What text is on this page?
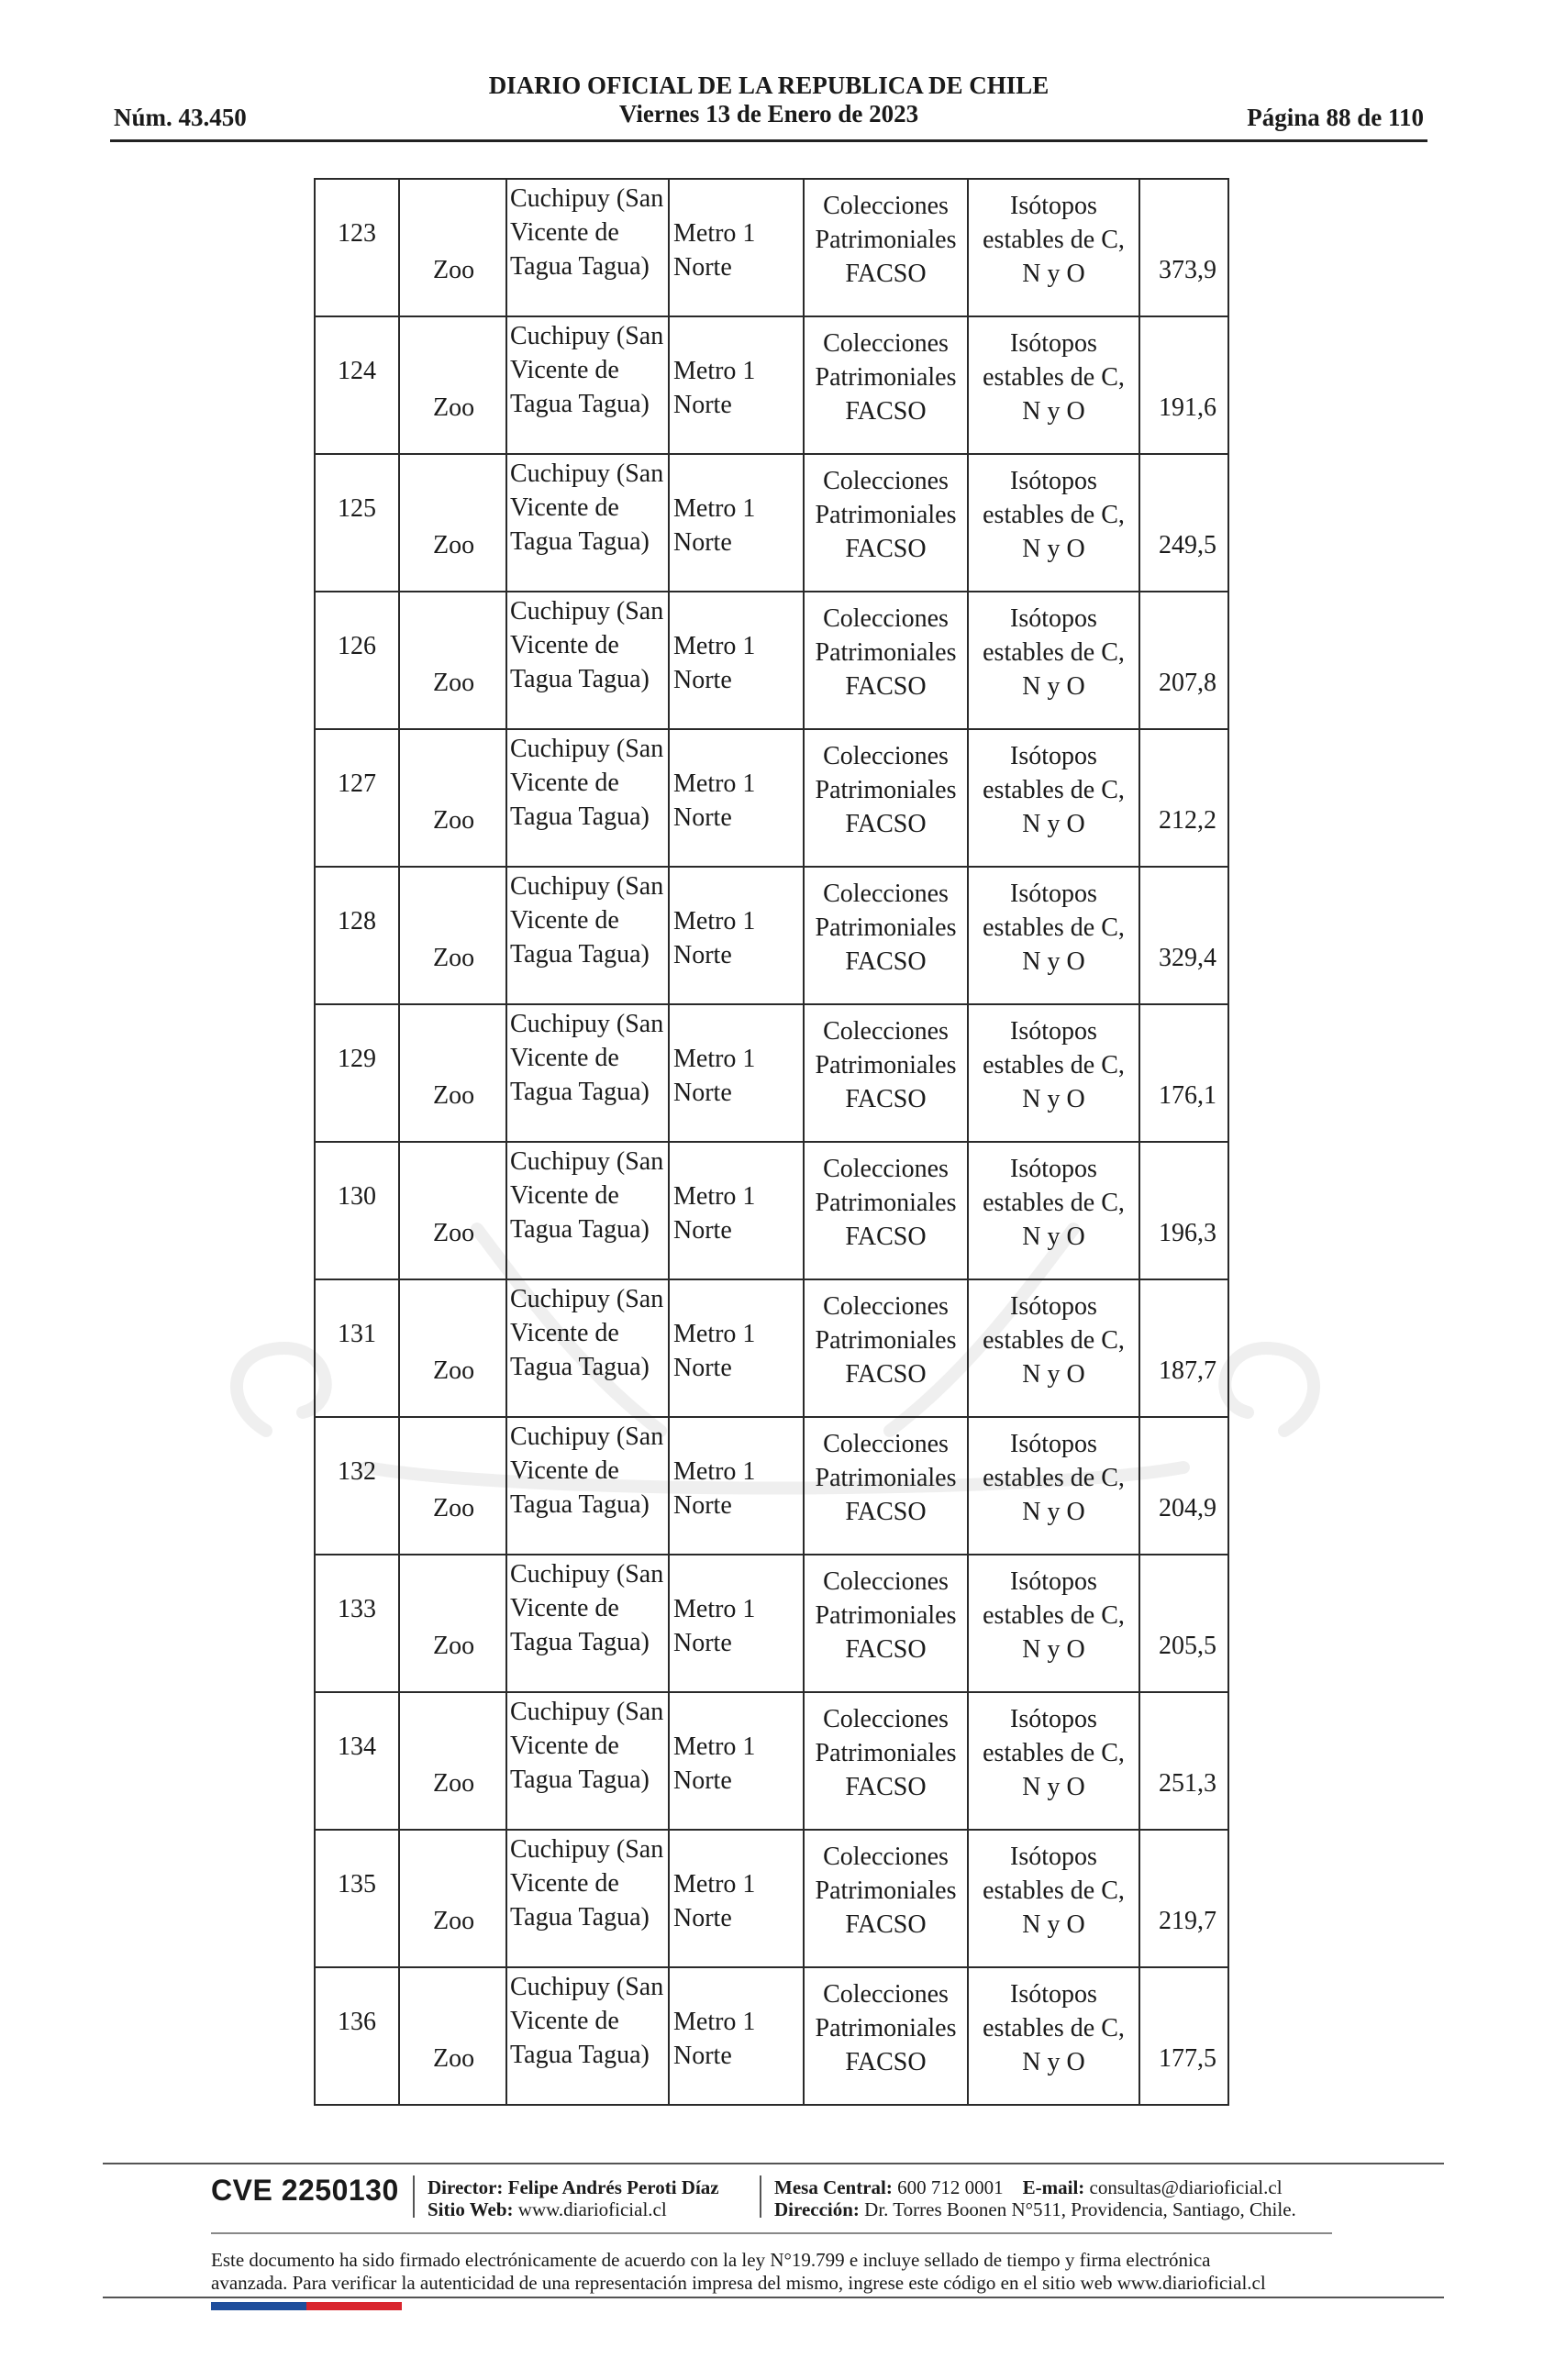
Núm. 43.450
DIARIO OFICIAL DE LA REPUBLICA DE CHILE
Viernes 13 de Enero de 2023	Página 88 de 110
123	Zoo	Cuchipuy (San
Vicente de
Tagua Tagua)	Metro 1
Norte	Colecciones
Patrimoniales
FACSO	Isótopos
estables de C,
N y O	373,9

124	Zoo	Cuchipuy (San
Vicente de
Tagua Tagua)	Metro 1
Norte	Colecciones
Patrimoniales
FACSO	Isótopos
estables de C,
N y O	191,6

125	Zoo	Cuchipuy (San
Vicente de
Tagua Tagua)	Metro 1
Norte	Colecciones
Patrimoniales
FACSO	Isótopos
estables de C,
N y O	249,5

126	Zoo	Cuchipuy (San
Vicente de
Tagua Tagua)	Metro 1
Norte	Colecciones
Patrimoniales
FACSO	Isótopos
estables de C,
N y O	207,8

127	Zoo	Cuchipuy (San
Vicente de
Tagua Tagua)	Metro 1
Norte	Colecciones
Patrimoniales
FACSO	Isótopos
estables de C,
N y O	212,2

128	Zoo	Cuchipuy (San
Vicente de
Tagua Tagua)	Metro 1
Norte	Colecciones
Patrimoniales
FACSO	Isótopos
estables de C,
N y O	329,4

129	Zoo	Cuchipuy (San
Vicente de
Tagua Tagua)	Metro 1
Norte	Colecciones
Patrimoniales
FACSO	Isótopos
estables de C,
N y O	176,1

130	Zoo	Cuchipuy (San
Vicente de
Tagua Tagua)	Metro 1
Norte	Colecciones
Patrimoniales
FACSO	Isótopos
estables de C,
N y O	196,3

131	Zoo	Cuchipuy (San
Vicente de
Tagua Tagua)	Metro 1
Norte	Colecciones
Patrimoniales
FACSO	Isótopos
estables de C,
N y O	187,7

132	Zoo	Cuchipuy (San
Vicente de
Tagua Tagua)	Metro 1
Norte	Colecciones
Patrimoniales
FACSO	Isótopos
estables de C,
N y O	204,9

133	Zoo	Cuchipuy (San
Vicente de
Tagua Tagua)	Metro 1
Norte	Colecciones
Patrimoniales
FACSO	Isótopos
estables de C,
N y O	205,5

134	Zoo	Cuchipuy (San
Vicente de
Tagua Tagua)	Metro 1
Norte	Colecciones
Patrimoniales
FACSO	Isótopos
estables de C,
N y O	251,3

135	Zoo	Cuchipuy (San
Vicente de
Tagua Tagua)	Metro 1
Norte	Colecciones
Patrimoniales
FACSO	Isótopos
estables de C,
N y O	219,7

136	Zoo	Cuchipuy (San
Vicente de
Tagua Tagua)	Metro 1
Norte	Colecciones
Patrimoniales
FACSO	Isótopos
estables de C,
N y O	177,5
CVE 2250130 Director: Felipe Andrés Peroti Díaz
Sitio Web: www.diarioficial.cl
Mesa Central: 600 712 0001 E-mail: consultas@diarioficial.cl
Dirección: Dr. Torres Boonen N°511, Providencia, Santiago, Chile.
Este documento ha sido firmado electrónicamente de acuerdo con la ley N°19.799 e incluye sellado de tiempo y firma electrónica
avanzada. Para verificar la autenticidad de una representación impresa del mismo, ingrese este código en el sitio web www.diarioficial.cl
